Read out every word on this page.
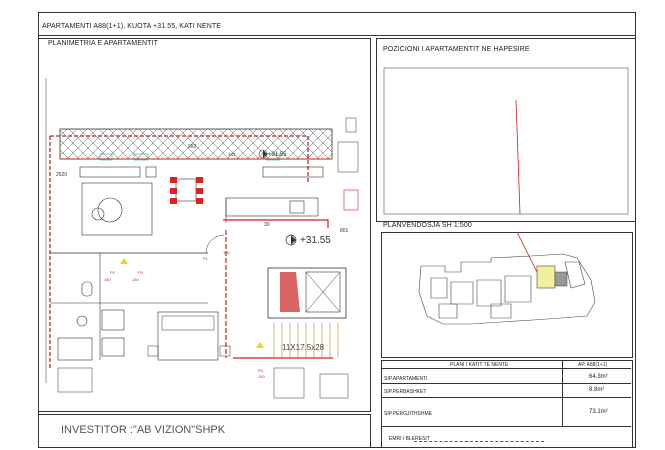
APARTAMENTI A88(1+1), KUOTA +31.55, KATI NENTE
PLANIMETRIA E APARTAMENTIT
POZICIONI I APARTAMENTIT NE HAPESIRE
PLANVENDOSJA SH 1:500
INVESTITOR :"AB VIZION"SHPK
PLANI I KATIT TE NENTE	AP. A88(1+1)
SIP.APARTAMENTI	64.3m²
SIP.PERBASHKET	8.8m²
SIP.PERGJITHSHME	73.1m²
EMRI I BLERESIT
953
161
2520
+31.55
+31.55
30
801
P1
150
P2
150
P3
150
P4
150
11X17.5x28
